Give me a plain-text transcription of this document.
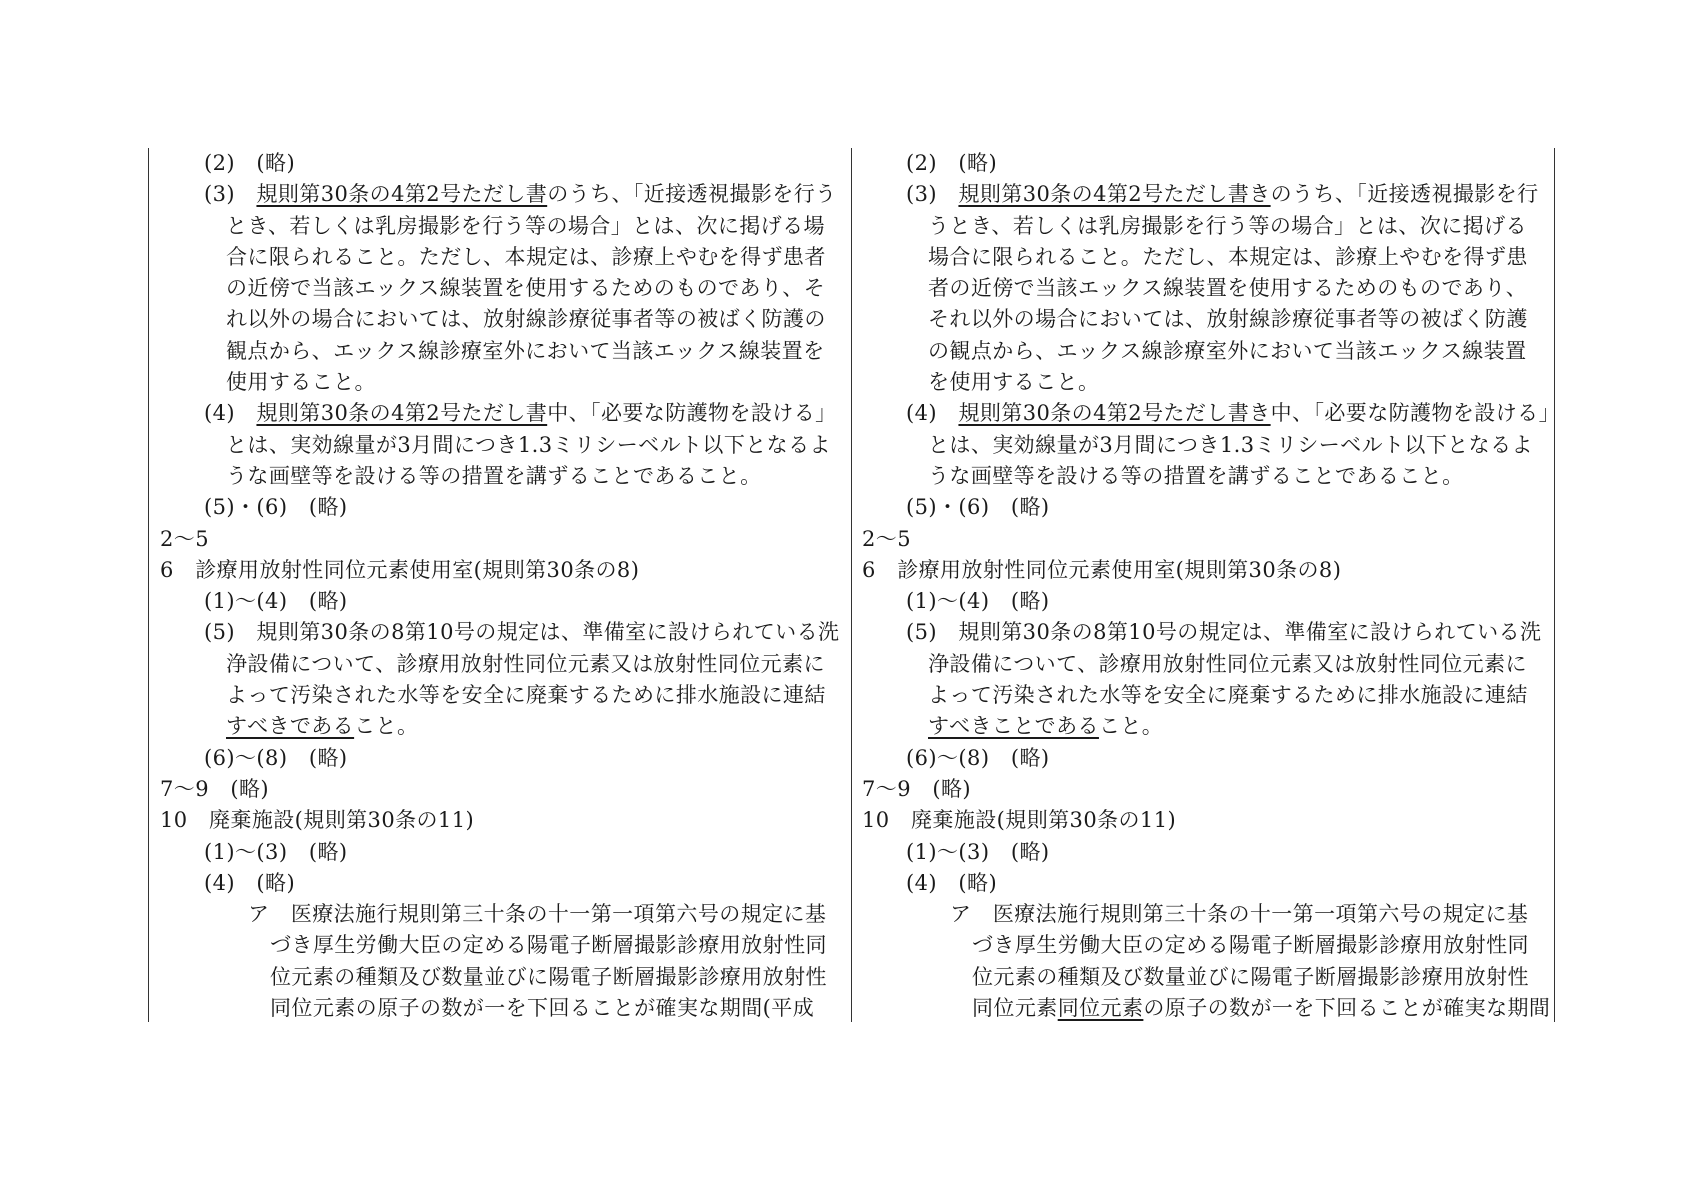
(2)　(略)
(3)　規則第30条の4第2号ただし書のうち、「近接透視撮影を行う
とき、若しくは乳房撮影を行う等の場合」とは、次に掲げる場
合に限られること。ただし、本規定は、診療上やむを得ず患者
の近傍で当該エックス線装置を使用するためのものであり、そ
れ以外の場合においては、放射線診療従事者等の被ばく防護の
観点から、エックス線診療室外において当該エックス線装置を
使用すること。
(4)　規則第30条の4第2号ただし書中、「必要な防護物を設ける」
とは、実効線量が3月間につき1.3ミリシーベルト以下となるよ
うな画壁等を設ける等の措置を講ずることであること。
(5)・(6)　(略)
2〜5
6　診療用放射性同位元素使用室(規則第30条の8)
(1)〜(4)　(略)
(5)　規則第30条の8第10号の規定は、準備室に設けられている洗
浄設備について、診療用放射性同位元素又は放射性同位元素に
よって汚染された水等を安全に廃棄するために排水施設に連結
すべきであること。
(6)〜(8)　(略)
7〜9　(略)
10　廃棄施設(規則第30条の11)
(1)〜(3)　(略)
(4)　(略)
ア　医療法施行規則第三十条の十一第一項第六号の規定に基
づき厚生労働大臣の定める陽電子断層撮影診療用放射性同
位元素の種類及び数量並びに陽電子断層撮影診療用放射性
同位元素の原子の数が一を下回ることが確実な期間(平成
(2)　(略)
(3)　規則第30条の4第2号ただし書きのうち、「近接透視撮影を行
うとき、若しくは乳房撮影を行う等の場合」とは、次に掲げる
場合に限られること。ただし、本規定は、診療上やむを得ず患
者の近傍で当該エックス線装置を使用するためのものであり、
それ以外の場合においては、放射線診療従事者等の被ばく防護
の観点から、エックス線診療室外において当該エックス線装置
を使用すること。
(4)　規則第30条の4第2号ただし書き中、「必要な防護物を設ける」
とは、実効線量が3月間につき1.3ミリシーベルト以下となるよ
うな画壁等を設ける等の措置を講ずることであること。
(5)・(6)　(略)
2〜5
6　診療用放射性同位元素使用室(規則第30条の8)
(1)〜(4)　(略)
(5)　規則第30条の8第10号の規定は、準備室に設けられている洗
浄設備について、診療用放射性同位元素又は放射性同位元素に
よって汚染された水等を安全に廃棄するために排水施設に連結
すべきことであること。
(6)〜(8)　(略)
7〜9　(略)
10　廃棄施設(規則第30条の11)
(1)〜(3)　(略)
(4)　(略)
ア　医療法施行規則第三十条の十一第一項第六号の規定に基
づき厚生労働大臣の定める陽電子断層撮影診療用放射性同
位元素の種類及び数量並びに陽電子断層撮影診療用放射性
同位元素同位元素の原子の数が一を下回ることが確実な期間
